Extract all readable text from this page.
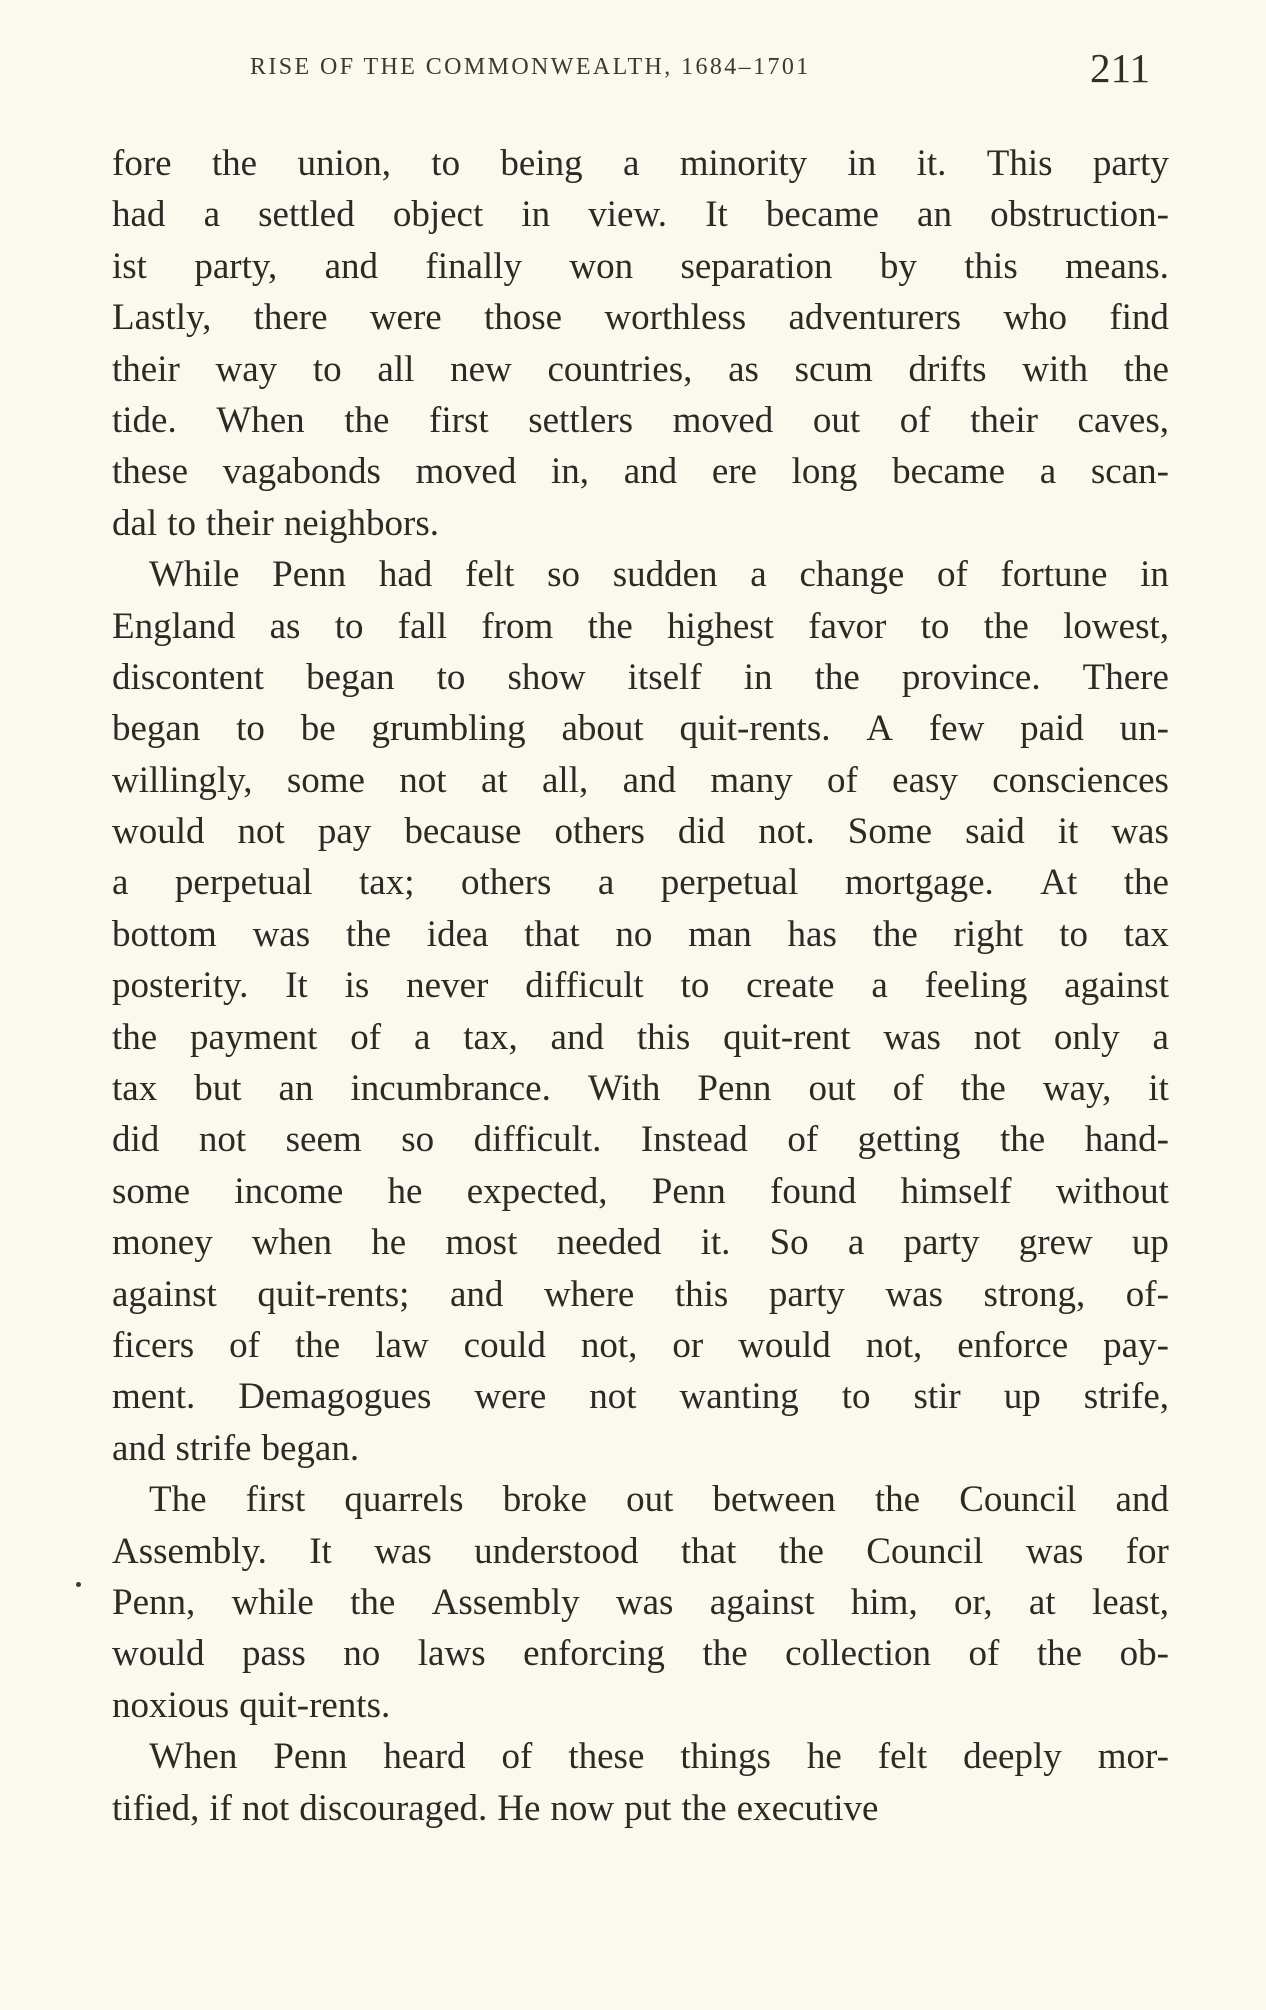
RISE OF THE COMMONWEALTH, 1684–1701	211
fore the union, to being a minority in it. This party
had a settled object in view. It became an obstruction-
ist party, and finally won separation by this means.
Lastly, there were those worthless adventurers who find
their way to all new countries, as scum drifts with the
tide. When the first settlers moved out of their caves,
these vagabonds moved in, and ere long became a scan-
dal to their neighbors.
While Penn had felt so sudden a change of fortune in
England as to fall from the highest favor to the lowest,
discontent began to show itself in the province. There
began to be grumbling about quit-rents. A few paid un-
willingly, some not at all, and many of easy consciences
would not pay because others did not. Some said it was
a perpetual tax; others a perpetual mortgage. At the
bottom was the idea that no man has the right to tax
posterity. It is never difficult to create a feeling against
the payment of a tax, and this quit-rent was not only a
tax but an incumbrance. With Penn out of the way, it
did not seem so difficult. Instead of getting the hand-
some income he expected, Penn found himself without
money when he most needed it. So a party grew up
against quit-rents; and where this party was strong, of-
ficers of the law could not, or would not, enforce pay-
ment. Demagogues were not wanting to stir up strife,
and strife began.
The first quarrels broke out between the Council and
Assembly. It was understood that the Council was for
Penn, while the Assembly was against him, or, at least,
would pass no laws enforcing the collection of the ob-
noxious quit-rents.
When Penn heard of these things he felt deeply mor-
tified, if not discouraged. He now put the executive
